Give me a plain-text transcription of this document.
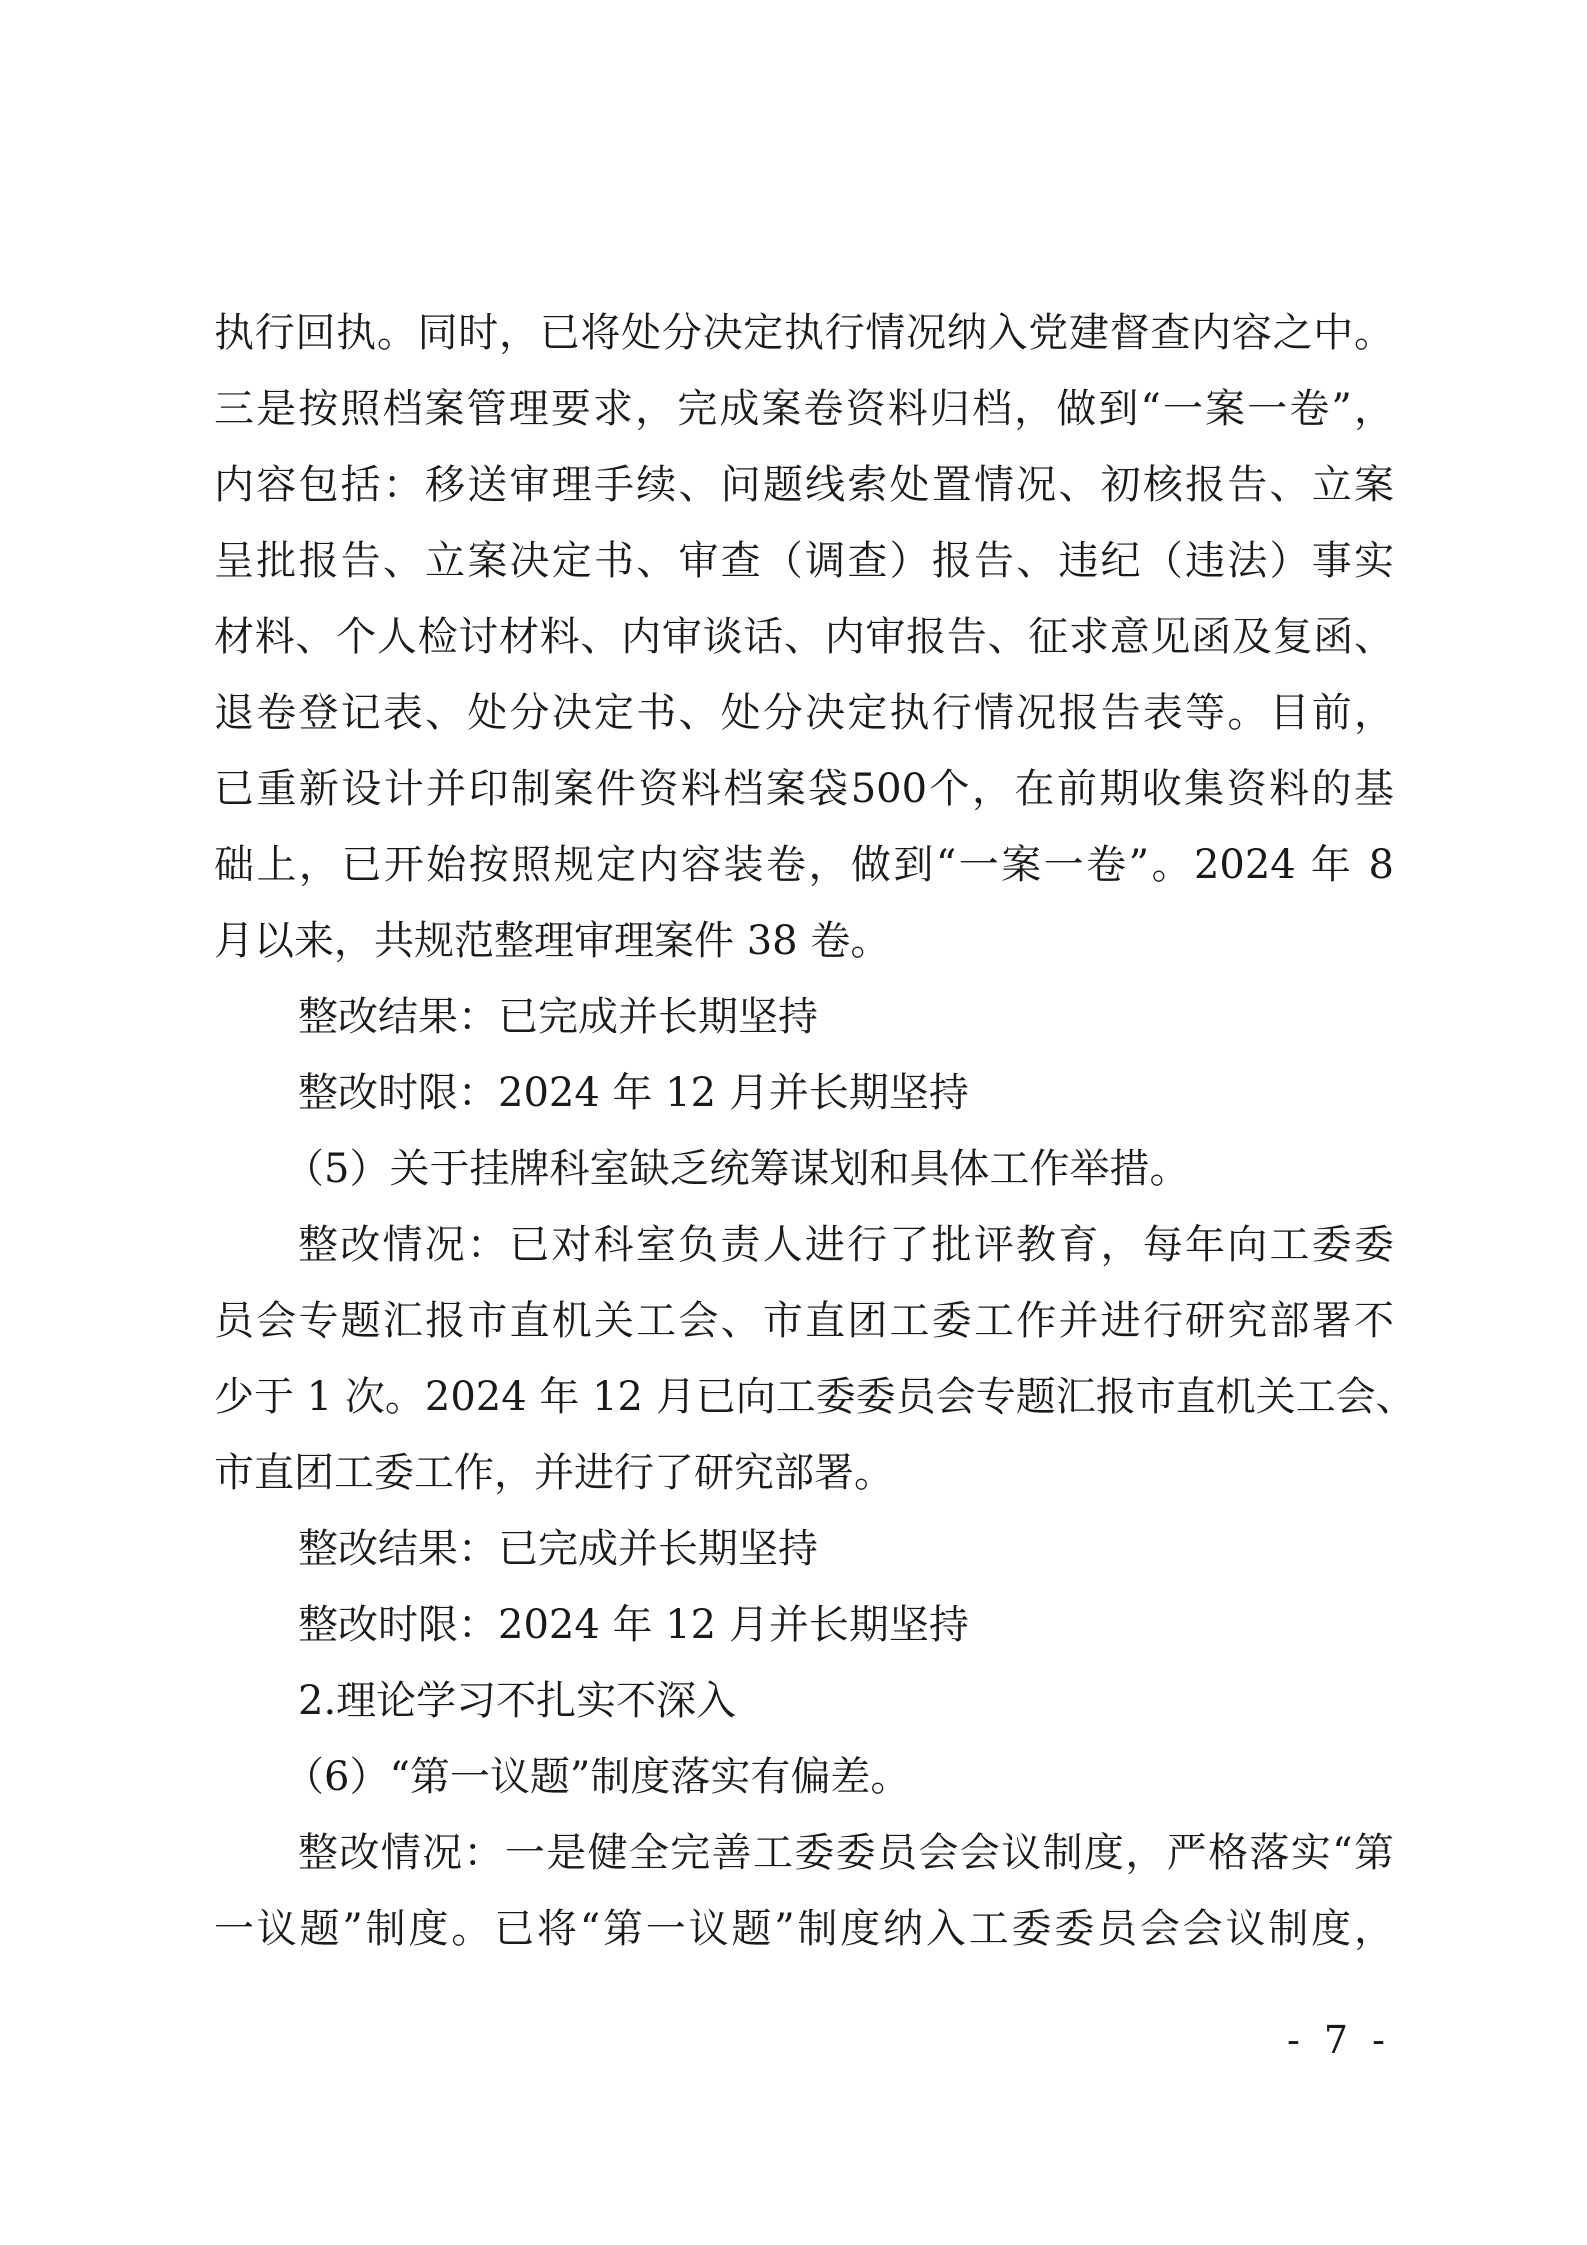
执行回执。同时，已将处分决定执行情况纳入党建督查内容之中。
三是按照档案管理要求，完成案卷资料归档，做到“一案一卷”，
内容包括：移送审理手续、问题线索处置情况、初核报告、立案
呈批报告、立案决定书、审查（调查）报告、违纪（违法）事实
材料、个人检讨材料、内审谈话、内审报告、征求意见函及复函、
退卷登记表、处分决定书、处分决定执行情况报告表等。目前，
已重新设计并印制案件资料档案袋500个，在前期收集资料的基
础上，已开始按照规定内容装卷，做到“一案一卷”。2024 年 8
月以来，共规范整理审理案件 38 卷。
整改结果：已完成并长期坚持
整改时限：2024 年 12 月并长期坚持
（5）关于挂牌科室缺乏统筹谋划和具体工作举措。
整改情况：已对科室负责人进行了批评教育，每年向工委委
员会专题汇报市直机关工会、市直团工委工作并进行研究部署不
少于 1 次。2024 年 12 月已向工委委员会专题汇报市直机关工会、
市直团工委工作，并进行了研究部署。
整改结果：已完成并长期坚持
整改时限：2024 年 12 月并长期坚持
2.理论学习不扎实不深入
（6）“第一议题”制度落实有偏差。
整改情况：一是健全完善工委委员会会议制度，严格落实“第
一议题”制度。已将“第一议题”制度纳入工委委员会会议制度，
- 7 -
